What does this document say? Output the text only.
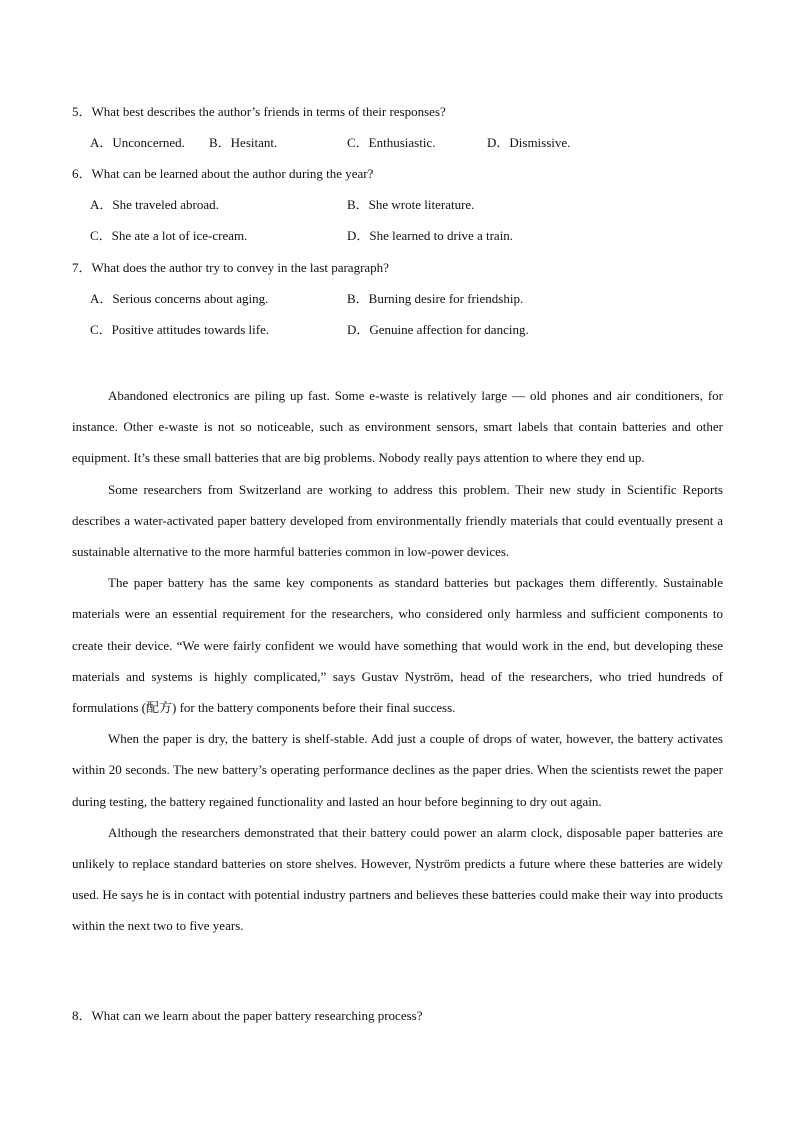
5．What best describes the author’s friends in terms of their responses?
A．Unconcerned. B．Hesitant.	C．Enthusiastic.	D．Dismissive.
6．What can be learned about the author during the year?
A．She traveled abroad.	B．She wrote literature.
C．She ate a lot of ice-cream.	D．She learned to drive a train.
7．What does the author try to convey in the last paragraph?
A．Serious concerns about aging.	B．Burning desire for friendship.
C．Positive attitudes towards life.	D．Genuine affection for dancing.

Abandoned electronics are piling up fast. Some e-waste is relatively large — old phones and air conditioners, for instance. Other e-waste is not so noticeable, such as environment sensors, smart labels that contain batteries and other equipment. It’s these small batteries that are big problems. Nobody really pays attention to where they end up.

Some researchers from Switzerland are working to address this problem. Their new study in Scientific Reports describes a water-activated paper battery developed from environmentally friendly materials that could eventually present a sustainable alternative to the more harmful batteries common in low-power devices.

The paper battery has the same key components as standard batteries but packages them differently. Sustainable materials were an essential requirement for the researchers, who considered only harmless and sufficient components to create their device. “We were fairly confident we would have something that would work in the end, but developing these materials and systems is highly complicated,” says Gustav Nyström, head of the researchers, who tried hundreds of formulations (配方) for the battery components before their final success.

When the paper is dry, the battery is shelf-stable. Add just a couple of drops of water, however, the battery activates within 20 seconds. The new battery’s operating performance declines as the paper dries. When the scientists rewet the paper during testing, the battery regained functionality and lasted an hour before beginning to dry out again.

Although the researchers demonstrated that their battery could power an alarm clock, disposable paper batteries are unlikely to replace standard batteries on store shelves. However, Nyström predicts a future where these batteries are widely used. He says he is in contact with potential industry partners and believes these batteries could make their way into products within the next two to five years.

8．What can we learn about the paper battery researching process?
